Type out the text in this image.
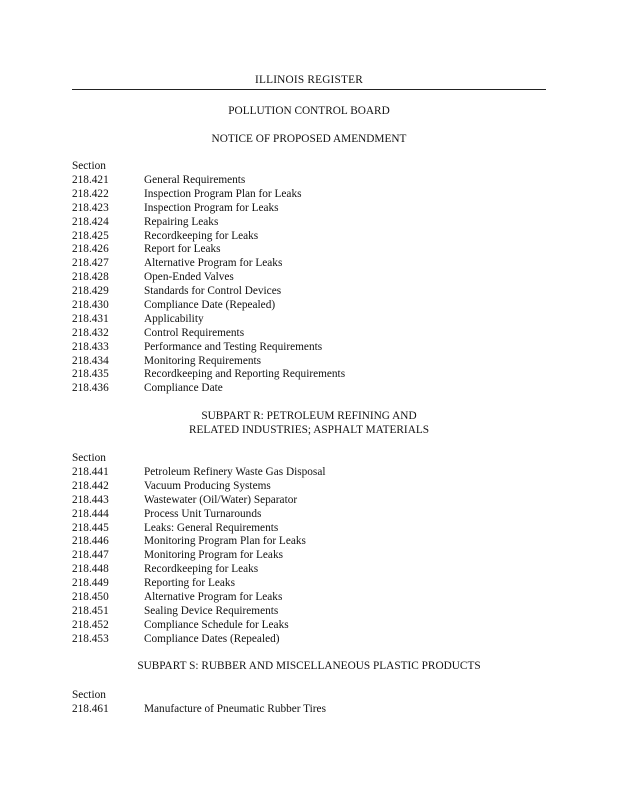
ILLINOIS REGISTER
POLLUTION CONTROL BOARD
NOTICE OF PROPOSED AMENDMENT
Section
218.421	General Requirements
218.422	Inspection Program Plan for Leaks
218.423	Inspection Program for Leaks
218.424	Repairing Leaks
218.425	Recordkeeping for Leaks
218.426	Report for Leaks
218.427	Alternative Program for Leaks
218.428	Open-Ended Valves
218.429	Standards for Control Devices
218.430	Compliance Date (Repealed)
218.431	Applicability
218.432	Control Requirements
218.433	Performance and Testing Requirements
218.434	Monitoring Requirements
218.435	Recordkeeping and Reporting Requirements
218.436	Compliance Date
SUBPART R: PETROLEUM REFINING AND
RELATED INDUSTRIES; ASPHALT MATERIALS
Section
218.441	Petroleum Refinery Waste Gas Disposal
218.442	Vacuum Producing Systems
218.443	Wastewater (Oil/Water) Separator
218.444	Process Unit Turnarounds
218.445	Leaks: General Requirements
218.446	Monitoring Program Plan for Leaks
218.447	Monitoring Program for Leaks
218.448	Recordkeeping for Leaks
218.449	Reporting for Leaks
218.450	Alternative Program for Leaks
218.451	Sealing Device Requirements
218.452	Compliance Schedule for Leaks
218.453	Compliance Dates (Repealed)
SUBPART S: RUBBER AND MISCELLANEOUS PLASTIC PRODUCTS
Section
218.461	Manufacture of Pneumatic Rubber Tires
